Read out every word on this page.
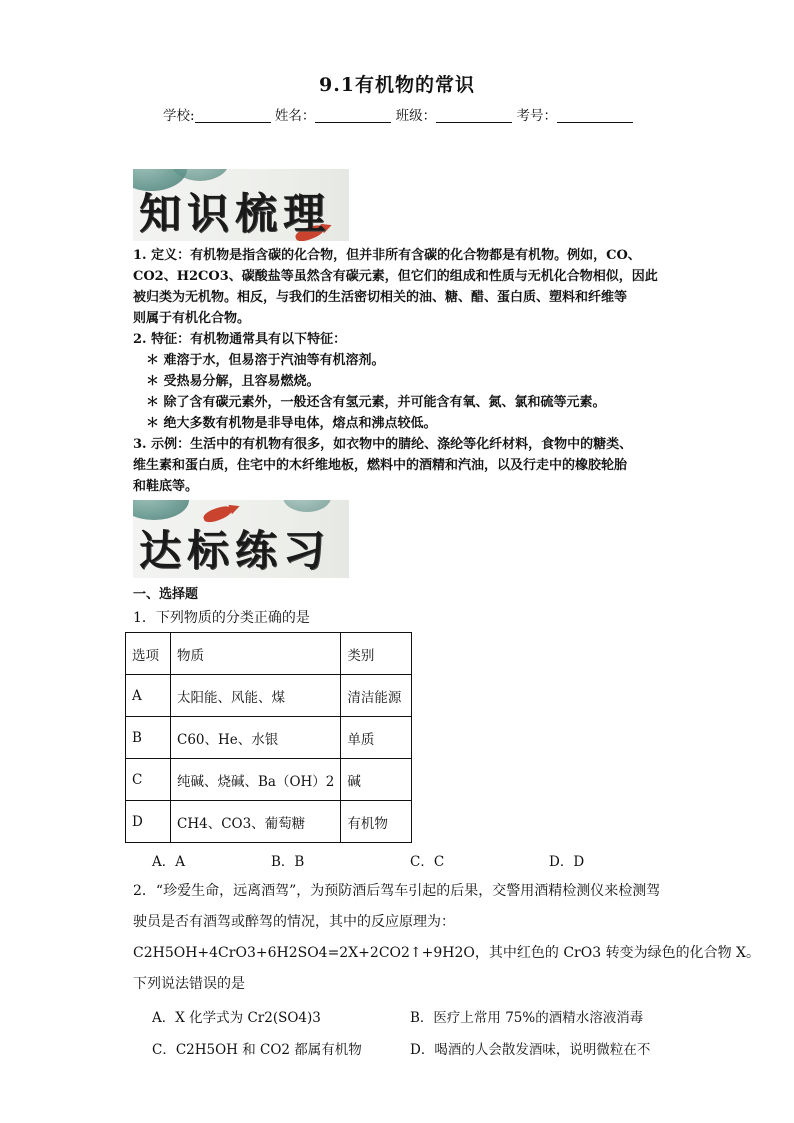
9.1有机物的常识
学校:	姓名：	班级：	考号：
知识梳理

1. 定义：有机物是指含碳的化合物，但并非所有含碳的化合物都是有机物。例如，CO、

CO2、H2CO3、碳酸盐等虽然含有碳元素，但它们的组成和性质与无机化合物相似，因此

被归类为无机物。相反，与我们的生活密切相关的油、糖、醋、蛋白质、塑料和纤维等

则属于有机化合物。

2. 特征：有机物通常具有以下特征：

＊ 难溶于水，但易溶于汽油等有机溶剂。

＊ 受热易分解，且容易燃烧。

＊ 除了含有碳元素外，一般还含有氢元素，并可能含有氧、氮、氯和硫等元素。

＊ 绝大多数有机物是非导电体，熔点和沸点较低。

3. 示例：生活中的有机物有很多，如衣物中的腈纶、涤纶等化纤材料，食物中的糖类、

维生素和蛋白质，住宅中的木纤维地板，燃料中的酒精和汽油，以及行走中的橡胶轮胎

和鞋底等。

达标练习
一、选择题
1．下列物质的分类正确的是
选项	物质	类别
A	太阳能、风能、煤	清洁能源
B	C60、He、水银	单质
C	纯碱、烧碱、Ba（OH）2	碱
D	CH4、CO3、葡萄糖	有机物
A．A	B．B	C．C	D．D

2．“珍爱生命，远离酒驾”，为预防酒后驾车引起的后果，交警用酒精检测仪来检测驾

驶员是否有酒驾或醉驾的情况，其中的反应原理为：

C2H5OH+4CrO3+6H2SO4=2X+2CO2↑+9H2O，其中红色的 CrO3 转变为绿色的化合物 X。

下列说法错误的是

A．X 化学式为 Cr2(SO4)3	B．医疗上常用 75%的酒精水溶液消毒
C．C2H5OH 和 CO2 都属有机物	D．喝酒的人会散发酒味，说明微粒在不
